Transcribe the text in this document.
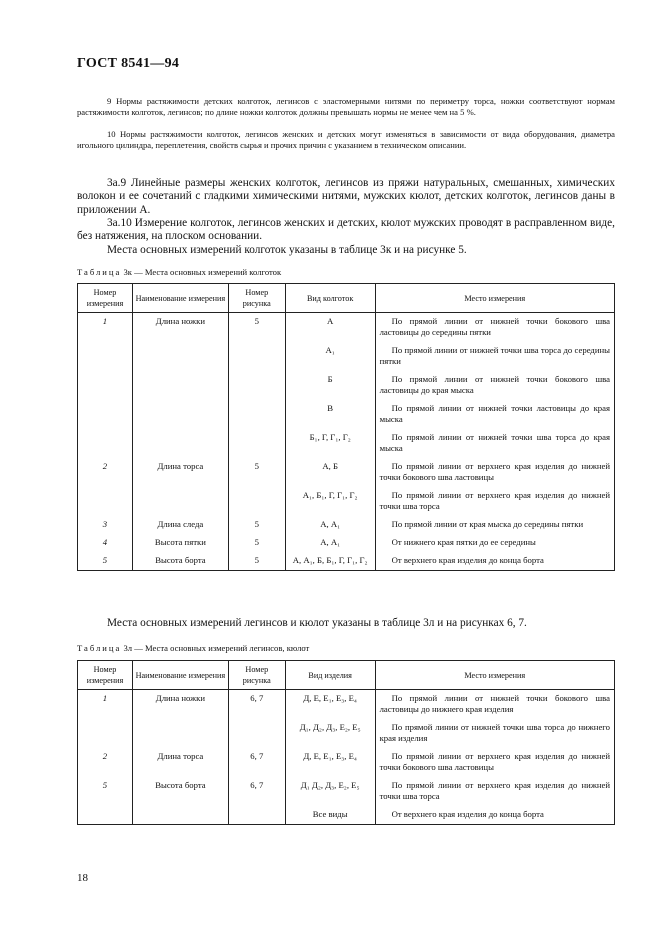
ГОСТ 8541—94
9 Нормы растяжимости детских колготок, легинсов с эластомерными нитями по периметру торса, ножки соответствуют нормам растяжимости колготок, легинсов; по длине ножки колготок должны превышать нормы не менее чем на 5 %.
10 Нормы растяжимости колготок, легинсов женских и детских могут изменяться в зависимости от вида оборудования, диаметра игольного цилиндра, переплетения, свойств сырья и прочих причин с указанием в техническом описании.
3а.9 Линейные размеры женских колготок, легинсов из пряжи натуральных, смешанных, химических волокон и ее сочетаний с гладкими химическими нитями, мужских кюлот, детских колготок, легинсов даны в приложении А.
3а.10 Измерение колготок, легинсов женских и детских, кюлот мужских проводят в расправленном виде, без натяжения, на плоском основании.
Места основных измерений колготок указаны в таблице 3к и на рисунке 5.
Таблица 3к — Места основных измерений колготок
Номер измерения	Наименование измерения	Номер рисунка	Вид колготок	Место измерения
1	Длина ножки	5	А	По прямой линии от нижней точки бокового шва ластовицы до середины пятки
			А₁	По прямой линии от нижней точки шва торса до середины пятки
			Б	По прямой линии от нижней точки бокового шва ластовицы до края мыска
			В	По прямой линии от нижней точки ластовицы до края мыска
			Б₁, Г, Г₁, Г₂	По прямой линии от нижней точки шва торса до края мыска
2	Длина торса	5	А, Б	По прямой линии от верхнего края изделия до нижней точки бокового шва ластовицы
			А₁, Б₁, Г, Г₁, Г₂	По прямой линии от верхнего края изделия до нижней точки шва торса
3	Длина следа	5	А, А₁	По прямой линии от края мыска до середины пятки
4	Высота пятки	5	А, А₁	От нижнего края пятки до ее середины
5	Высота борта	5	А, А₁, Б, Б₁, Г, Г₁, Г₂	От верхнего края изделия до конца борта
Места основных измерений легинсов и кюлот указаны в таблице 3л и на рисунках 6, 7.
Таблица 3л — Места основных измерений легинсов, кюлот
Номер измерения	Наименование измерения	Номер рисунка	Вид изделия	Место измерения
1	Длина ножки	6, 7	Д, Е, Е₁, Е₃, Е₄	По прямой линии от нижней точки бокового шва ластовицы до нижнего края изделия
			Д₁, Д₂, Д₃, Е₂, Е₅	По прямой линии от нижней точки шва торса до нижнего края изделия
2	Длина торса	6, 7	Д, Е, Е₁, Е₃, Е₄	По прямой линии от верхнего края изделия до нижней точки бокового шва ластовицы
5	Высота борта	6, 7	Д₁ Д₂, Д₃, Е₂, Е₅	По прямой линии от верхнего края изделия до нижней точки шва торса
			Все виды	От верхнего края изделия до конца борта
18
